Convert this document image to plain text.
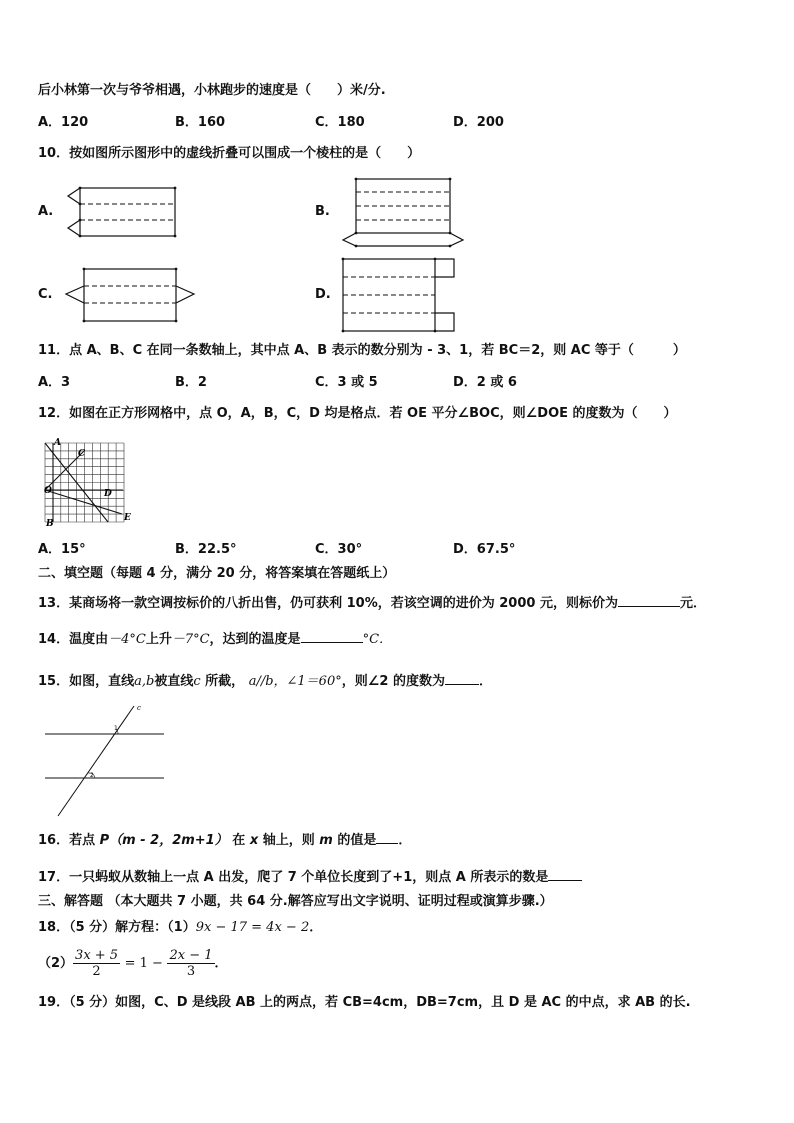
后小林第一次与爷爷相遇，小林跑步的速度是（　　）米/分.
A．120	B．160	C．180	D．200
10．按如图所示图形中的虚线折叠可以围成一个棱柱的是（　　）
A.	B.
C.	D.
11．点 A、B、C 在同一条数轴上，其中点 A、B 表示的数分别为 - 3、1，若 BC＝2，则 AC 等于（　　　）
A．3	B．2	C．3 或 5	D．2 或 6
12．如图在正方形网格中，点 O，A，B，C，D 均是格点．若 OE 平分∠BOC，则∠DOE 的度数为（　　）
A
C
O	D
B
E
A．15°	B．22.5°	C．30°	D．67.5°
二、填空题（每题 4 分，满分 20 分，将答案填在答题纸上）
13．某商场将一款空调按标价的八折出售，仍可获利 10%，若该空调的进价为 2000 元，则标价为	元．
14．温度由－4°C上升－7°C，达到的温度是	°C．
15．如图，直线a,b被直线c 所截， a//b，∠1＝60°，则∠2 的度数为	．
c
1
2
16．若点 P（m - 2，2m+1） 在 x 轴上，则 m 的值是 ．
17．一只蚂蚁从数轴上一点 A 出发，爬了 7 个单位长度到了+1，则点 A 所表示的数是
三、解答题 （本大题共 7 小题，共 64 分.解答应写出文字说明、证明过程或演算步骤.）
18．（5 分）解方程：（1）9x − 17 = 4x − 2．
$(2) \frac{3x + 5}{2} = 1 - \frac{2x - 1}{3}$ ．
19．（5 分）如图，C、D 是线段 AB 上的两点，若 CB=4cm，DB=7cm，且 D 是 AC 的中点，求 AB 的长.
